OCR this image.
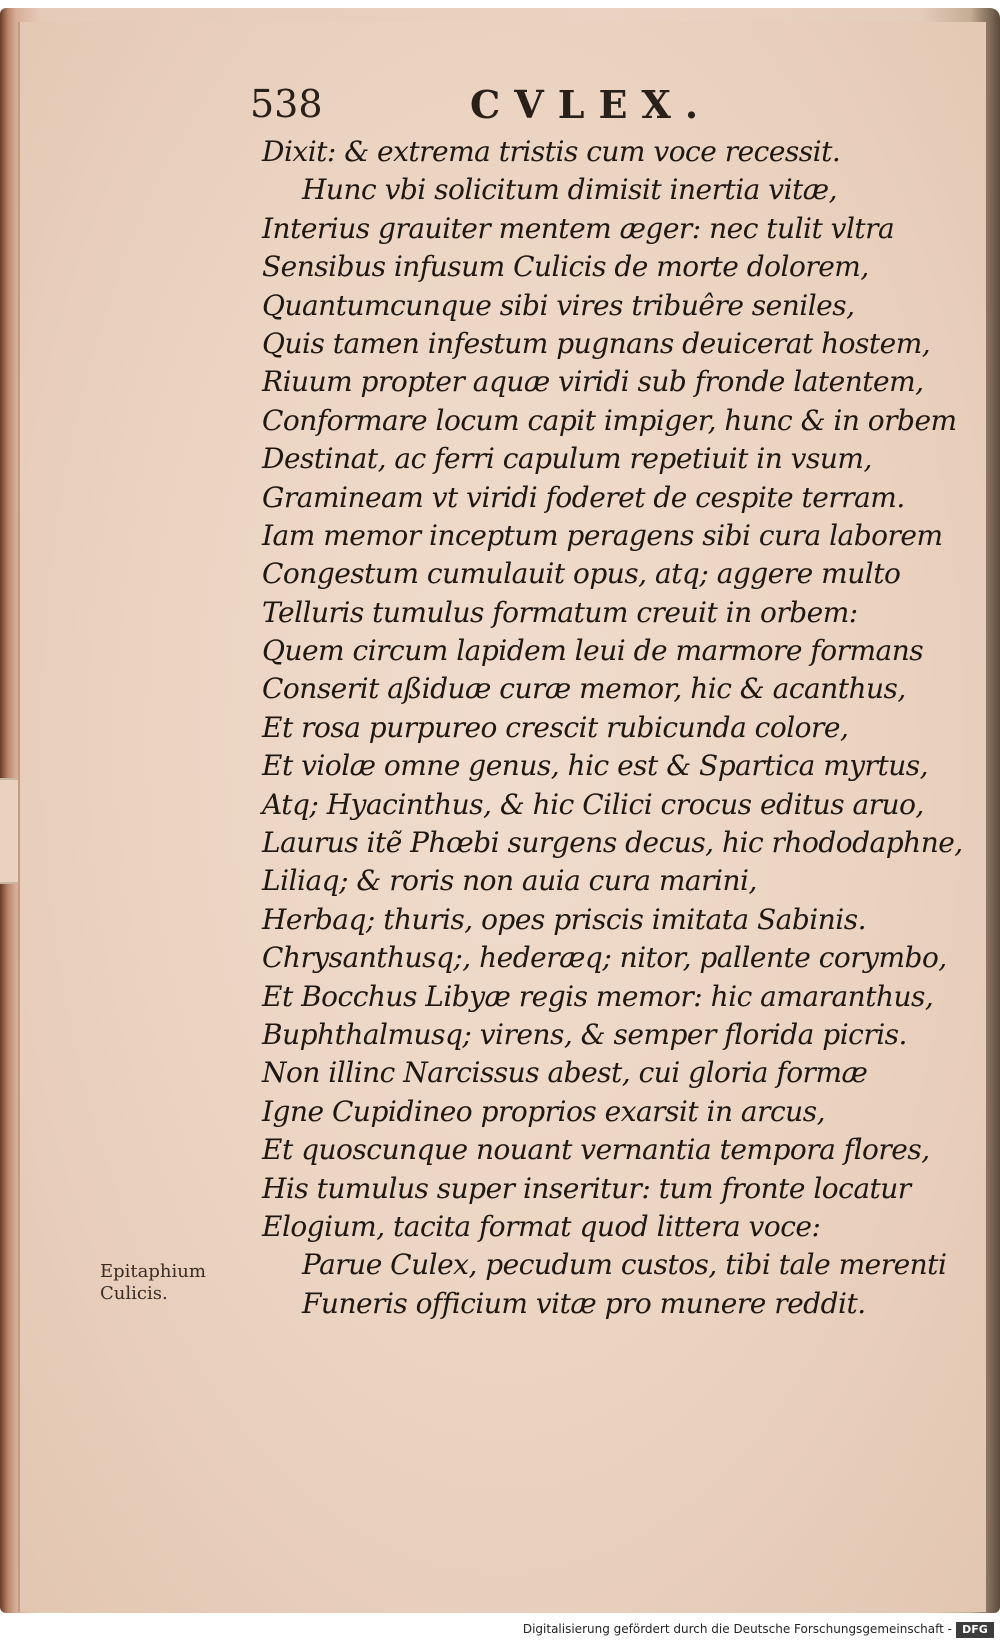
538	CVLEX.
Dixit: & extrema tristis cum voce recessit.
Hunc vbi solicitum dimisit inertia vitæ,
Interius grauiter mentem æger: nec tulit vltra
Sensibus infusum Culicis de morte dolorem,
Quantumcunque sibi vires tribuêre seniles,
Quis tamen infestum pugnans deuicerat hostem,
Riuum propter aquæ viridi sub fronde latentem,
Conformare locum capit impiger, hunc & in orbem
Destinat, ac ferri capulum repetiuit in vsum,
Gramineam vt viridi foderet de cespite terram.
Iam memor inceptum peragens sibi cura laborem
Congestum cumulauit opus, atq; aggere multo
Telluris tumulus formatum creuit in orbem:
Quem circum lapidem leui de marmore formans
Conserit aßiduæ curæ memor, hic & acanthus,
Et rosa purpureo crescit rubicunda colore,
Et violæ omne genus, hic est & Spartica myrtus,
Atq; Hyacinthus, & hic Cilici crocus editus aruo,
Laurus itẽ Phœbi surgens decus, hic rhododaphne,
Liliaq; & roris non auia cura marini,
Herbaq; thuris, opes priscis imitata Sabinis.
Chrysanthusq;, hederæq; nitor, pallente corymbo,
Et Bocchus Libyæ regis memor: hic amaranthus,
Buphthalmusq; virens, & semper florida picris.
Non illinc Narcissus abest, cui gloria formæ
Igne Cupidineo proprios exarsit in arcus,
Et quoscunque nouant vernantia tempora flores,
His tumulus super inseritur: tum fronte locatur
Elogium, tacita format quod littera voce:
Parue Culex, pecudum custos, tibi tale merenti
Funeris officium vitæ pro munere reddit.
Epitaphium
Culicis.
Digitalisierung gefördert durch die Deutsche Forschungsgemeinschaft - DFG
